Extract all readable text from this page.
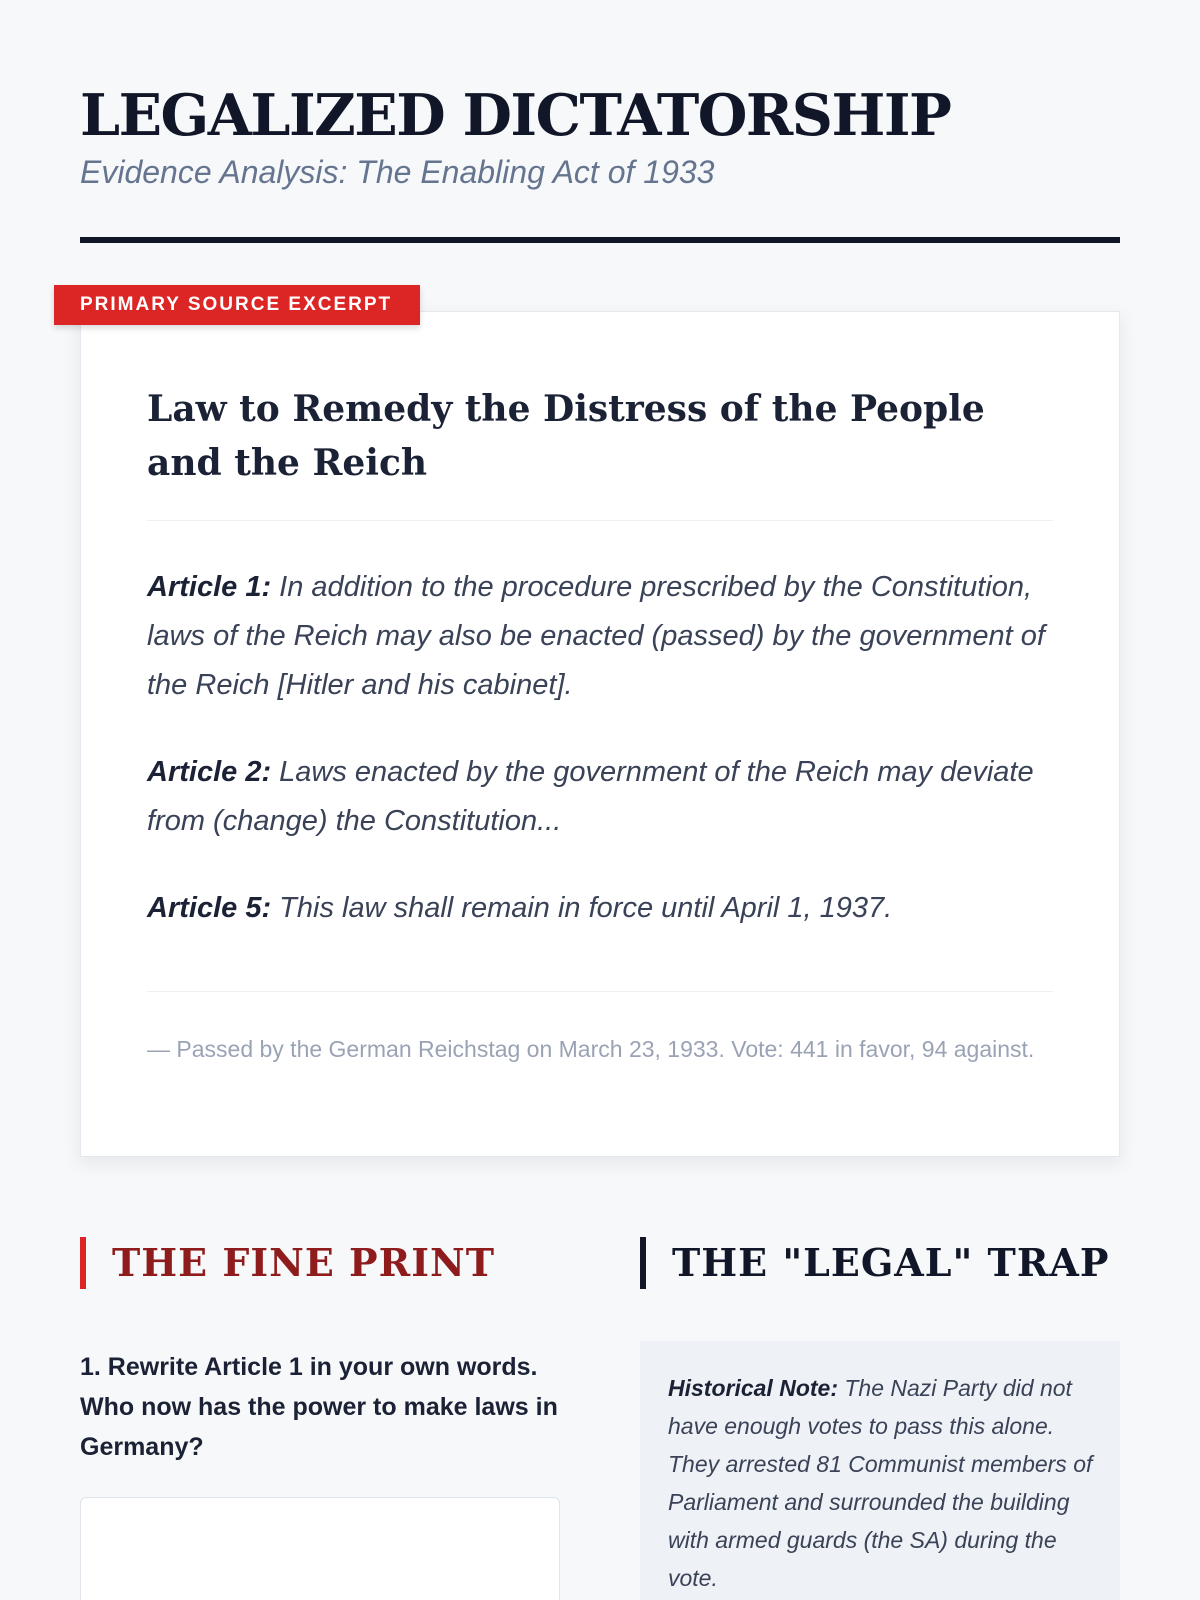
LEGALIZED DICTATORSHIP
Evidence Analysis: The Enabling Act of 1933
PRIMARY SOURCE EXCERPT
Law to Remedy the Distress of the People and the Reich

Article 1: In addition to the procedure prescribed by the Constitution, laws of the Reich may also be enacted (passed) by the government of the Reich [Hitler and his cabinet].

Article 2: Laws enacted by the government of the Reich may deviate from (change) the Constitution...

Article 5: This law shall remain in force until April 1, 1937.

— Passed by the German Reichstag on March 23, 1933. Vote: 441 in favor, 94 against.
THE FINE PRINT

1. Rewrite Article 1 in your own words. Who now has the power to make laws in Germany?

THE "LEGAL" TRAP

Historical Note: The Nazi Party did not have enough votes to pass this alone. They arrested 81 Communist members of Parliament and surrounded the building with armed guards (the SA) during the vote.
